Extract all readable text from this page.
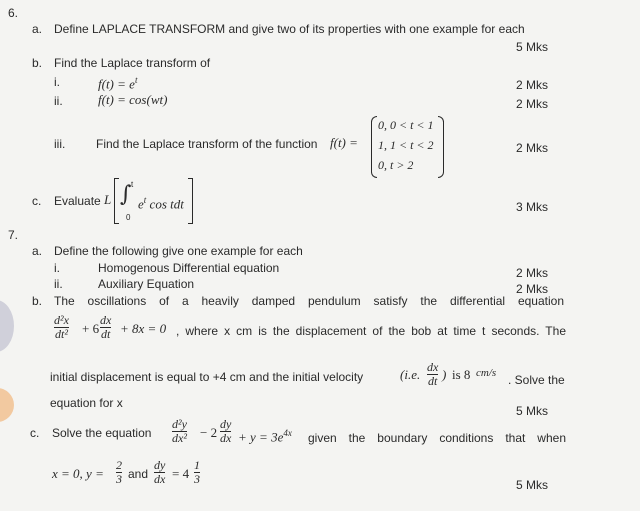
6.
a. Define LAPLACE TRANSFORM and give two of its properties with one example for each
5 Mks
b. Find the Laplace transform of
i.	$f(t) = e^t$	2 Mks
ii.	f(t) = cos(wt)	2 Mks
iii.	Find the Laplace transform of the function f(t) =
0, 0 < t < 1
1, 1 < t < 2
0, t > 2
2 Mks
c. Evaluate L ∫ t
0
$e^t$ cos tdt	3 Mks
7.
a. Define the following give one example for each
i.	Homogenous Differential equation	2 Mks
ii.	Auxiliary Equation	2 Mks
b. The oscillations of a heavily damped pendulum satisfy the differential equation
d²x
dt² + 6
dx
dt + 8x = 0 , where x cm is the displacement of the bob at time t seconds. The
initial displacement is equal to +4 cm and the initial velocity	(i.e. dx
dt ) is 8 cm/s . Solve the
equation for x
5 Mks
c. Solve the equation
d²y
dx² − 2
dy
dx + $y = 3e^{4x}$ given the boundary conditions that when
x = 0, y =
2
3 and
dy
dx = 4
1
3	5 Mks
